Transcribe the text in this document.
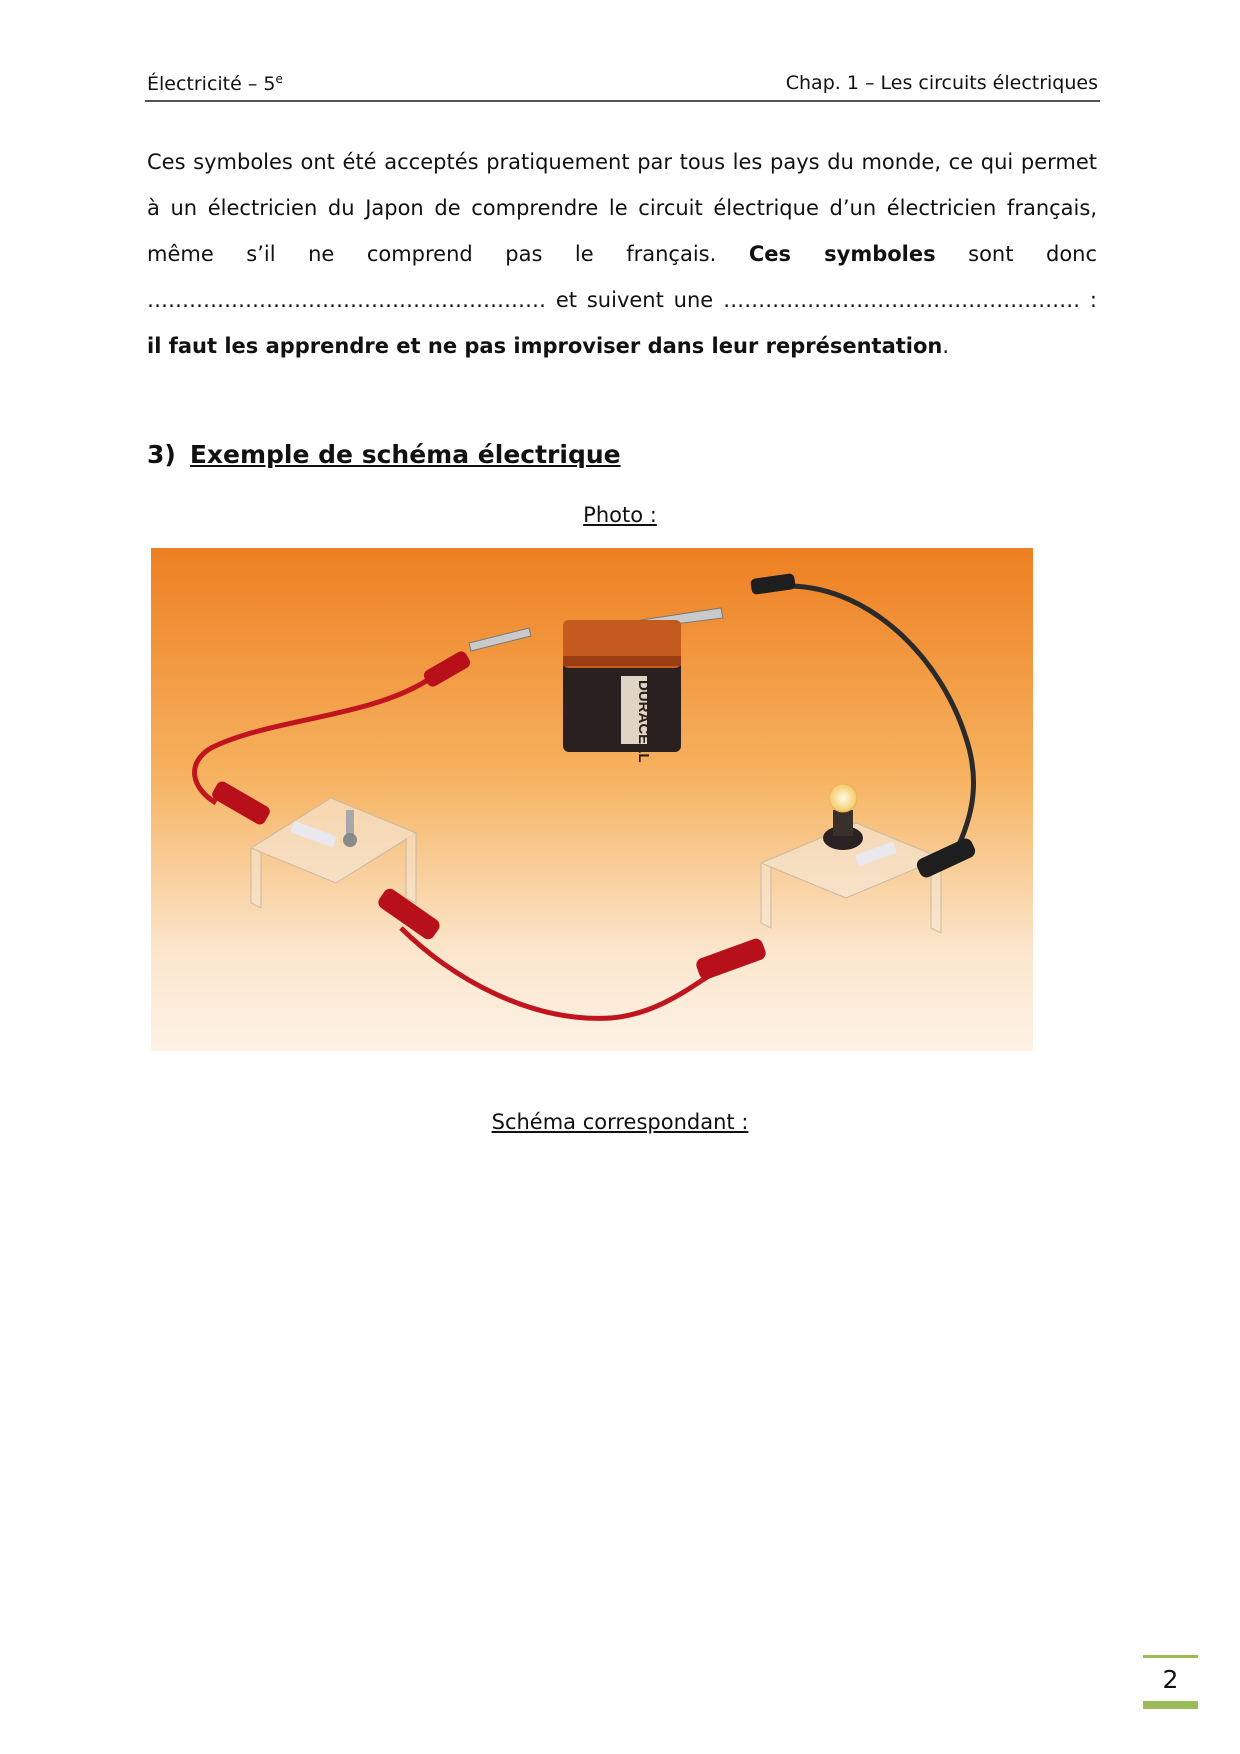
Électricité – 5e	Chap. 1 – Les circuits électriques
Ces symboles ont été acceptés pratiquement par tous les pays du monde, ce qui permet à un électricien du Japon de comprendre le circuit électrique d’un électricien français, même s’il ne comprend pas le français. Ces symboles sont donc ………………………………………………… et suivent une …………………………………………… : il faut les apprendre et ne pas improviser dans leur représentation.
3) Exemple de schéma électrique
Photo :
DURACELL
Schéma correspondant :
2
